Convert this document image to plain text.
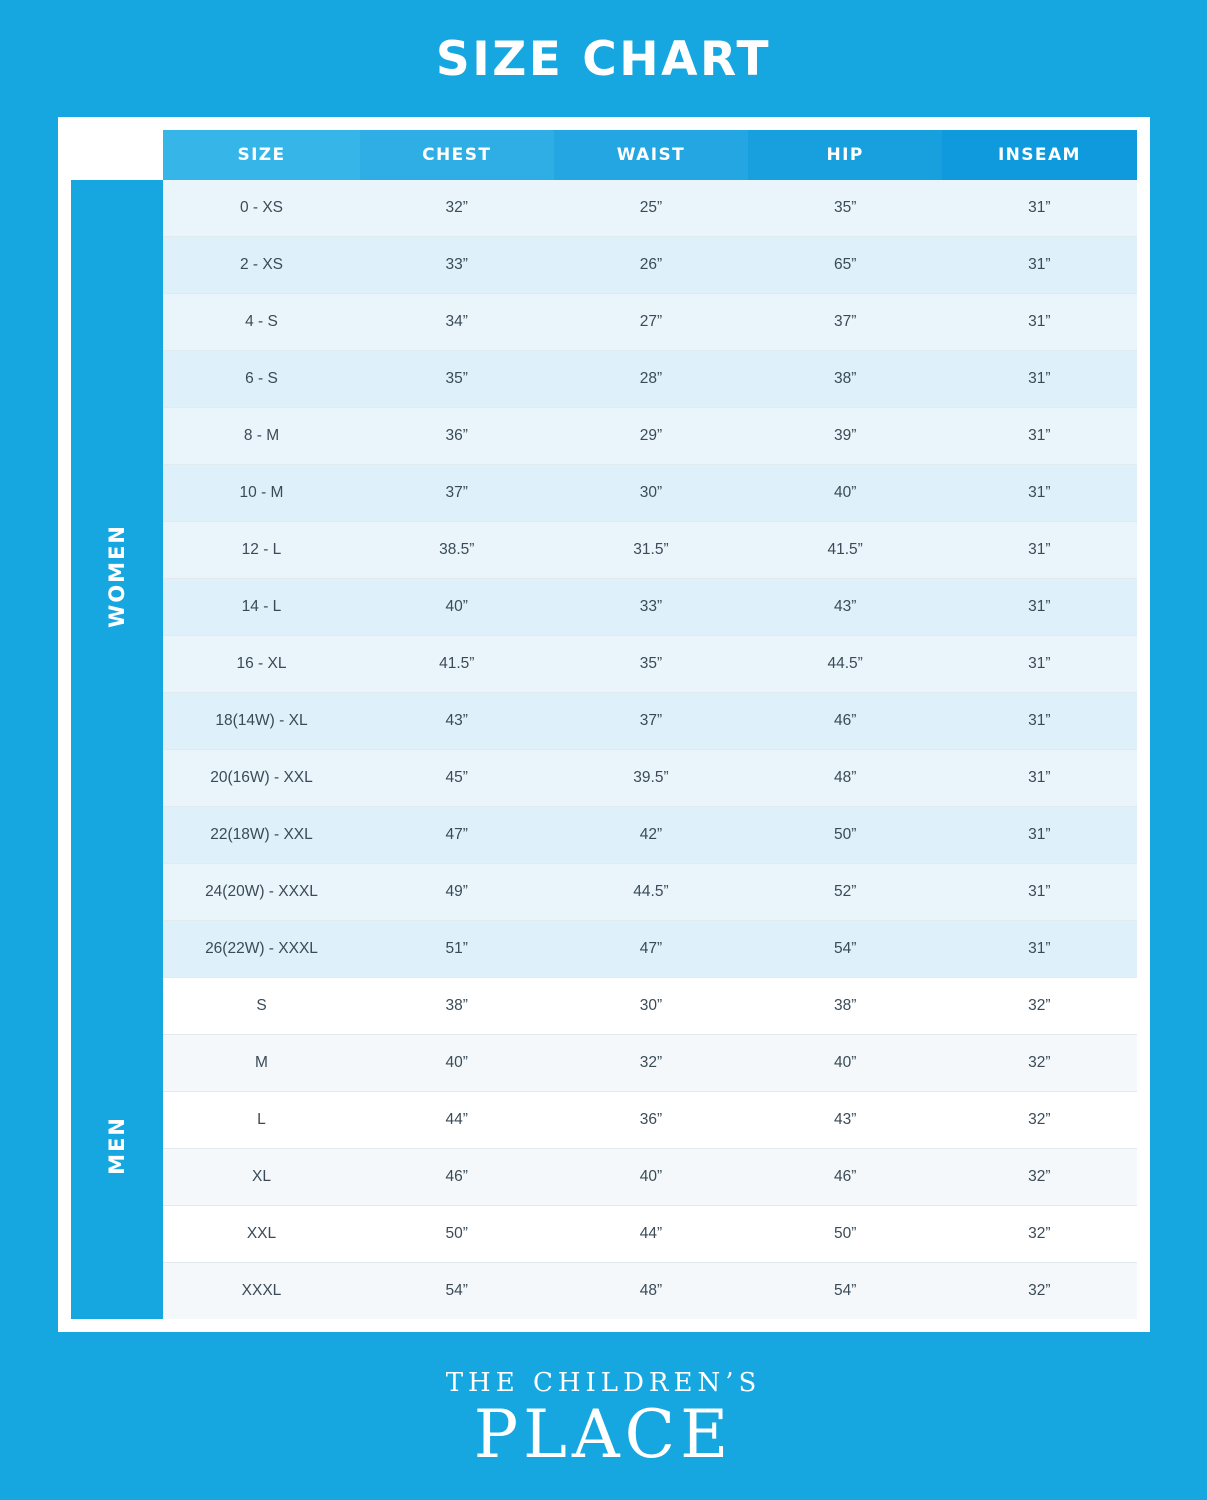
SIZE CHART
	SIZE	CHEST	WAIST	HIP	INSEAM
WOMEN	0 - XS	32”	25”	35”	31”
	2 - XS	33”	26”	65”	31”
	4 - S	34”	27”	37”	31”
	6 - S	35”	28”	38”	31”
	8 - M	36”	29”	39”	31”
	10 - M	37”	30”	40”	31”
	12 - L	38.5”	31.5”	41.5”	31”
	14 - L	40”	33”	43”	31”
	16 - XL	41.5”	35”	44.5”	31”
	18(14W) - XL	43”	37”	46”	31”
	20(16W) - XXL	45”	39.5”	48”	31”
	22(18W) - XXL	47”	42”	50”	31”
	24(20W) - XXXL	49”	44.5”	52”	31”
	26(22W) - XXXL	51”	47”	54”	31”
MEN	S	38”	30”	38”	32”
	M	40”	32”	40”	32”
	L	44”	36”	43”	32”
	XL	46”	40”	46”	32”
	XXL	50”	44”	50”	32”
	XXXL	54”	48”	54”	32”
THE CHILDREN’S
PLACE
